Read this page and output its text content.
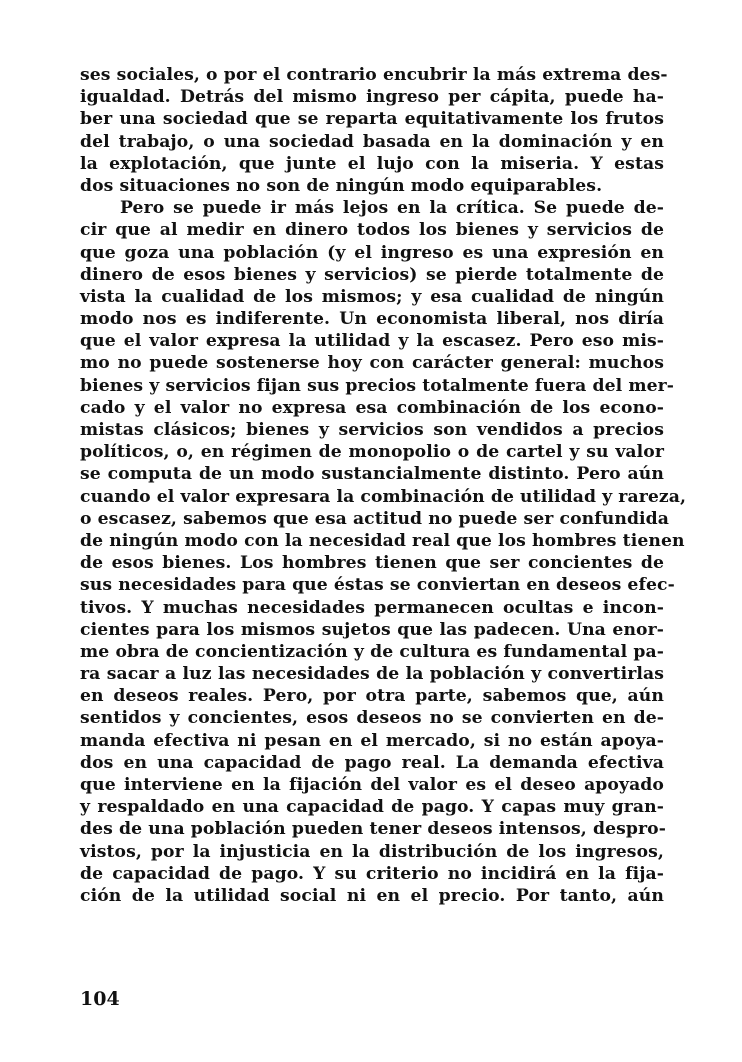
ses sociales, o por el contrario encubrir la más extrema des-
igualdad. Detrás del mismo ingreso per cápita, puede ha-
ber una sociedad que se reparta equitativamente los frutos
del trabajo, o una sociedad basada en la dominación y en
la explotación, que junte el lujo con la miseria. Y estas
dos situaciones no son de ningún modo equiparables.
Pero se puede ir más lejos en la crítica. Se puede de-
cir que al medir en dinero todos los bienes y servicios de
que goza una población (y el ingreso es una expresión en
dinero de esos bienes y servicios) se pierde totalmente de
vista la cualidad de los mismos; y esa cualidad de ningún
modo nos es indiferente. Un economista liberal, nos diría
que el valor expresa la utilidad y la escasez. Pero eso mis-
mo no puede sostenerse hoy con carácter general: muchos
bienes y servicios fijan sus precios totalmente fuera del mer-
cado y el valor no expresa esa combinación de los econo-
mistas clásicos; bienes y servicios son vendidos a precios
políticos, o, en régimen de monopolio o de cartel y su valor
se computa de un modo sustancialmente distinto. Pero aún
cuando el valor expresara la combinación de utilidad y rareza,
o escasez, sabemos que esa actitud no puede ser confundida
de ningún modo con la necesidad real que los hombres tienen
de esos bienes. Los hombres tienen que ser concientes de
sus necesidades para que éstas se conviertan en deseos efec-
tivos. Y muchas necesidades permanecen ocultas e incon-
cientes para los mismos sujetos que las padecen. Una enor-
me obra de concientización y de cultura es fundamental pa-
ra sacar a luz las necesidades de la población y convertirlas
en deseos reales. Pero, por otra parte, sabemos que, aún
sentidos y concientes, esos deseos no se convierten en de-
manda efectiva ni pesan en el mercado, si no están apoya-
dos en una capacidad de pago real. La demanda efectiva
que interviene en la fijación del valor es el deseo apoyado
y respaldado en una capacidad de pago. Y capas muy gran-
des de una población pueden tener deseos intensos, despro-
vistos, por la injusticia en la distribución de los ingresos,
de capacidad de pago. Y su criterio no incidirá en la fija-
ción de la utilidad social ni en el precio. Por tanto, aún
104
